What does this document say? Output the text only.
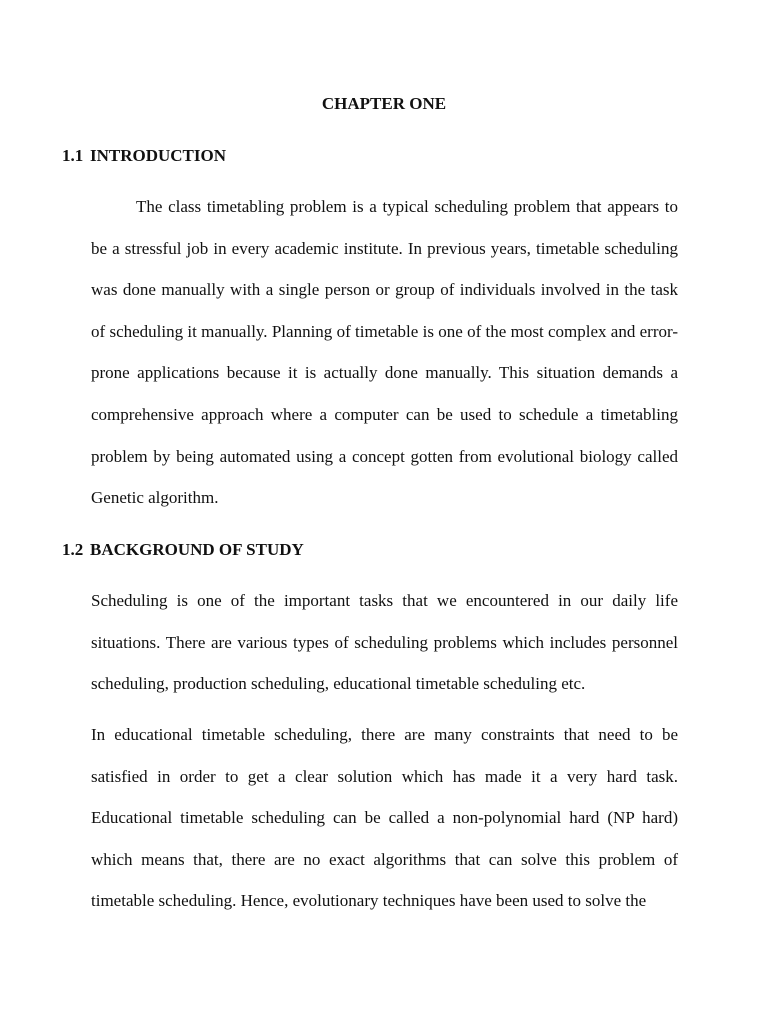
CHAPTER ONE
1.1 INTRODUCTION

The class timetabling problem is a typical scheduling problem that appears to be a stressful job in every academic institute. In previous years, timetable scheduling was done manually with a single person or group of individuals involved in the task of scheduling it manually. Planning of timetable is one of the most complex and error-prone applications because it is actually done manually. This situation demands a comprehensive approach where a computer can be used to schedule a timetabling problem by being automated using a concept gotten from evolutional biology called Genetic algorithm.

1.2 BACKGROUND OF STUDY

Scheduling is one of the important tasks that we encountered in our daily life situations. There are various types of scheduling problems which includes personnel scheduling, production scheduling, educational timetable scheduling etc.

In educational timetable scheduling, there are many constraints that need to be satisfied in order to get a clear solution which has made it a very hard task. Educational timetable scheduling can be called a non-polynomial hard (NP hard) which means that, there are no exact algorithms that can solve this problem of timetable scheduling. Hence, evolutionary techniques have been used to solve the
